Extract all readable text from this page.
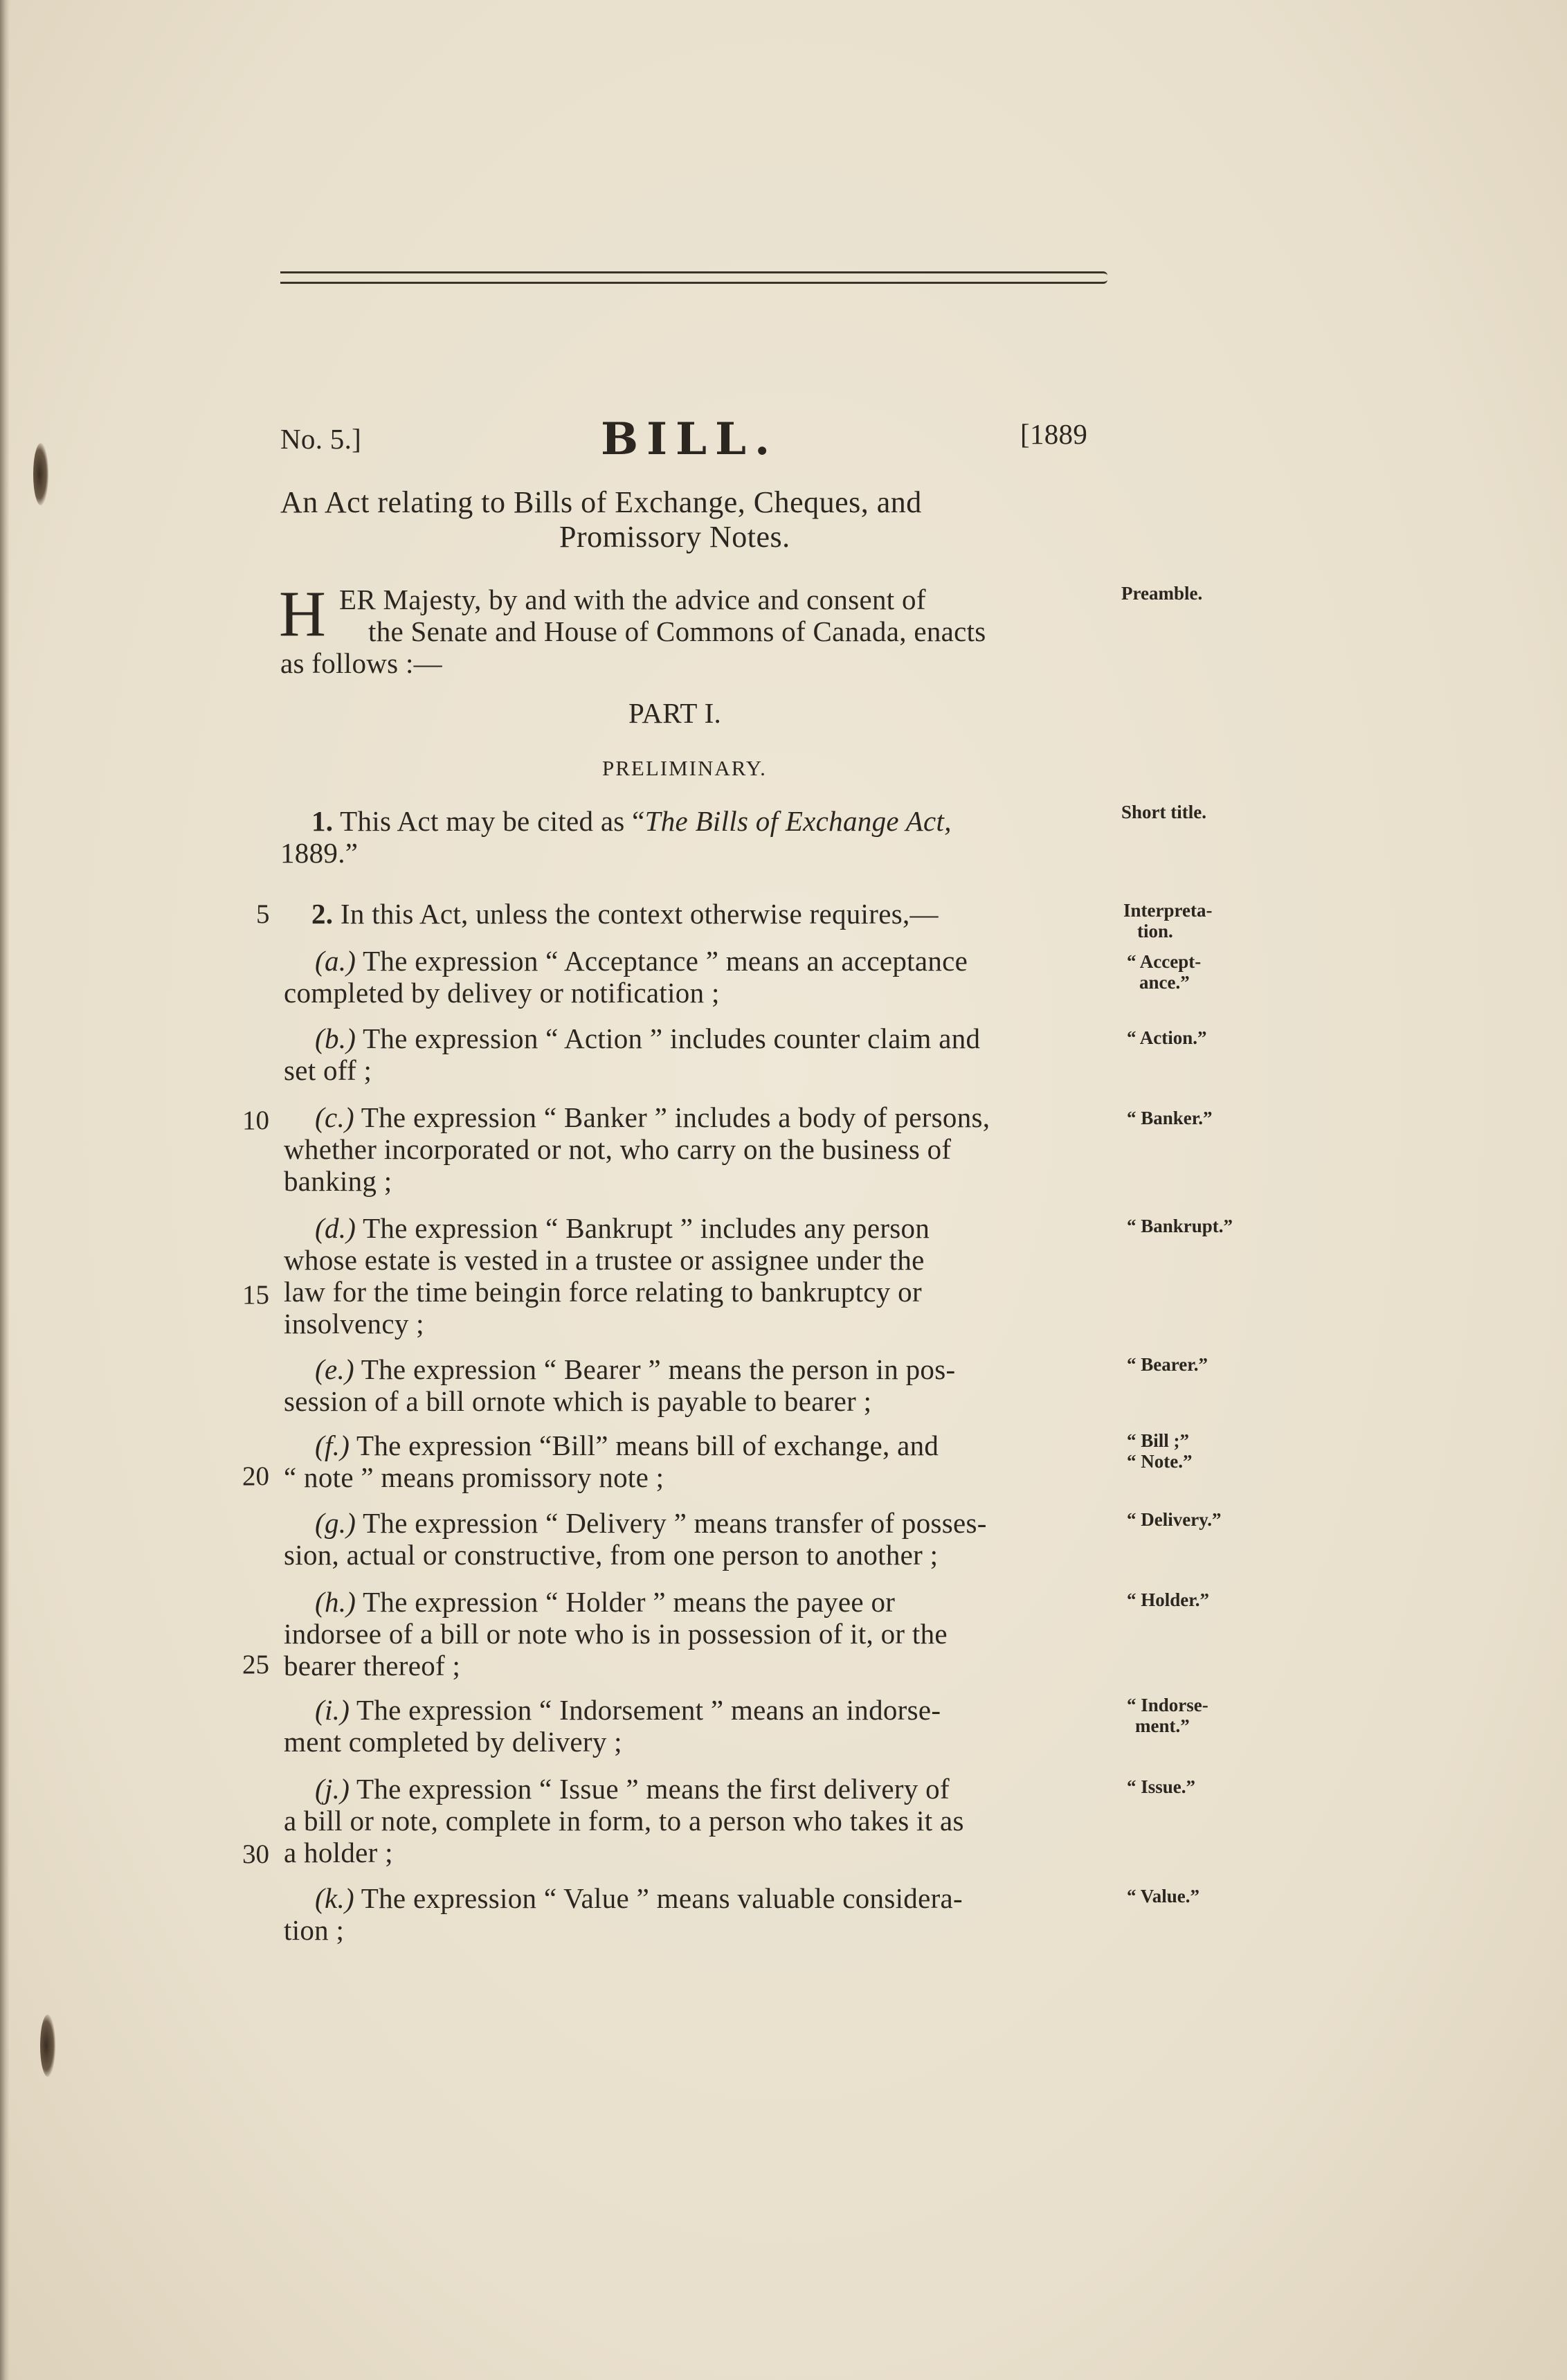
No. 5.]	BILL.	[1889
An Act relating to Bills of Exchange, Cheques, and
Promissory Notes.
H ER Majesty, by and with the advice and consent of
the Senate and House of Commons of Canada, enacts
as follows :—
Preamble.
PART I.
PRELIMINARY.
1. This Act may be cited as “The Bills of Exchange Act,
1889.”
Short title.
5
10
15
20
25
30
2. In this Act, unless the context otherwise requires,—	Interpreta-
tion.
(a.) The expression “ Acceptance ” means an acceptance
completed by delivey or notification ;
“ Accept-
ance.”
(b.) The expression “ Action ” includes counter claim and
set off ;
“ Action.”
(c.) The expression “ Banker ” includes a body of persons,
whether incorporated or not, who carry on the business of
banking ;
“ Banker.”
(d.) The expression “ Bankrupt ” includes any person
whose estate is vested in a trustee or assignee under the
law for the time beingin force relating to bankruptcy or
insolvency ;
“ Bankrupt.”
(e.) The expression “ Bearer ” means the person in pos-
session of a bill ornote which is payable to bearer ;
“ Bearer.”
(f.) The expression “Bill” means bill of exchange, and
“ note ” means promissory note ;
“ Bill ;”
“ Note.”
(g.) The expression “ Delivery ” means transfer of posses-
sion, actual or constructive, from one person to another ;
“ Delivery.”
(h.) The expression “ Holder ” means the payee or
indorsee of a bill or note who is in possession of it, or the
bearer thereof ;
“ Holder.”
(i.) The expression “ Indorsement ” means an indorse-
ment completed by delivery ;
“ Indorse-
ment.”
(j.) The expression “ Issue ” means the first delivery of
a bill or note, complete in form, to a person who takes it as
a holder ;
“ Issue.”
(k.) The expression “ Value ” means valuable considera-
tion ;
“ Value.”
